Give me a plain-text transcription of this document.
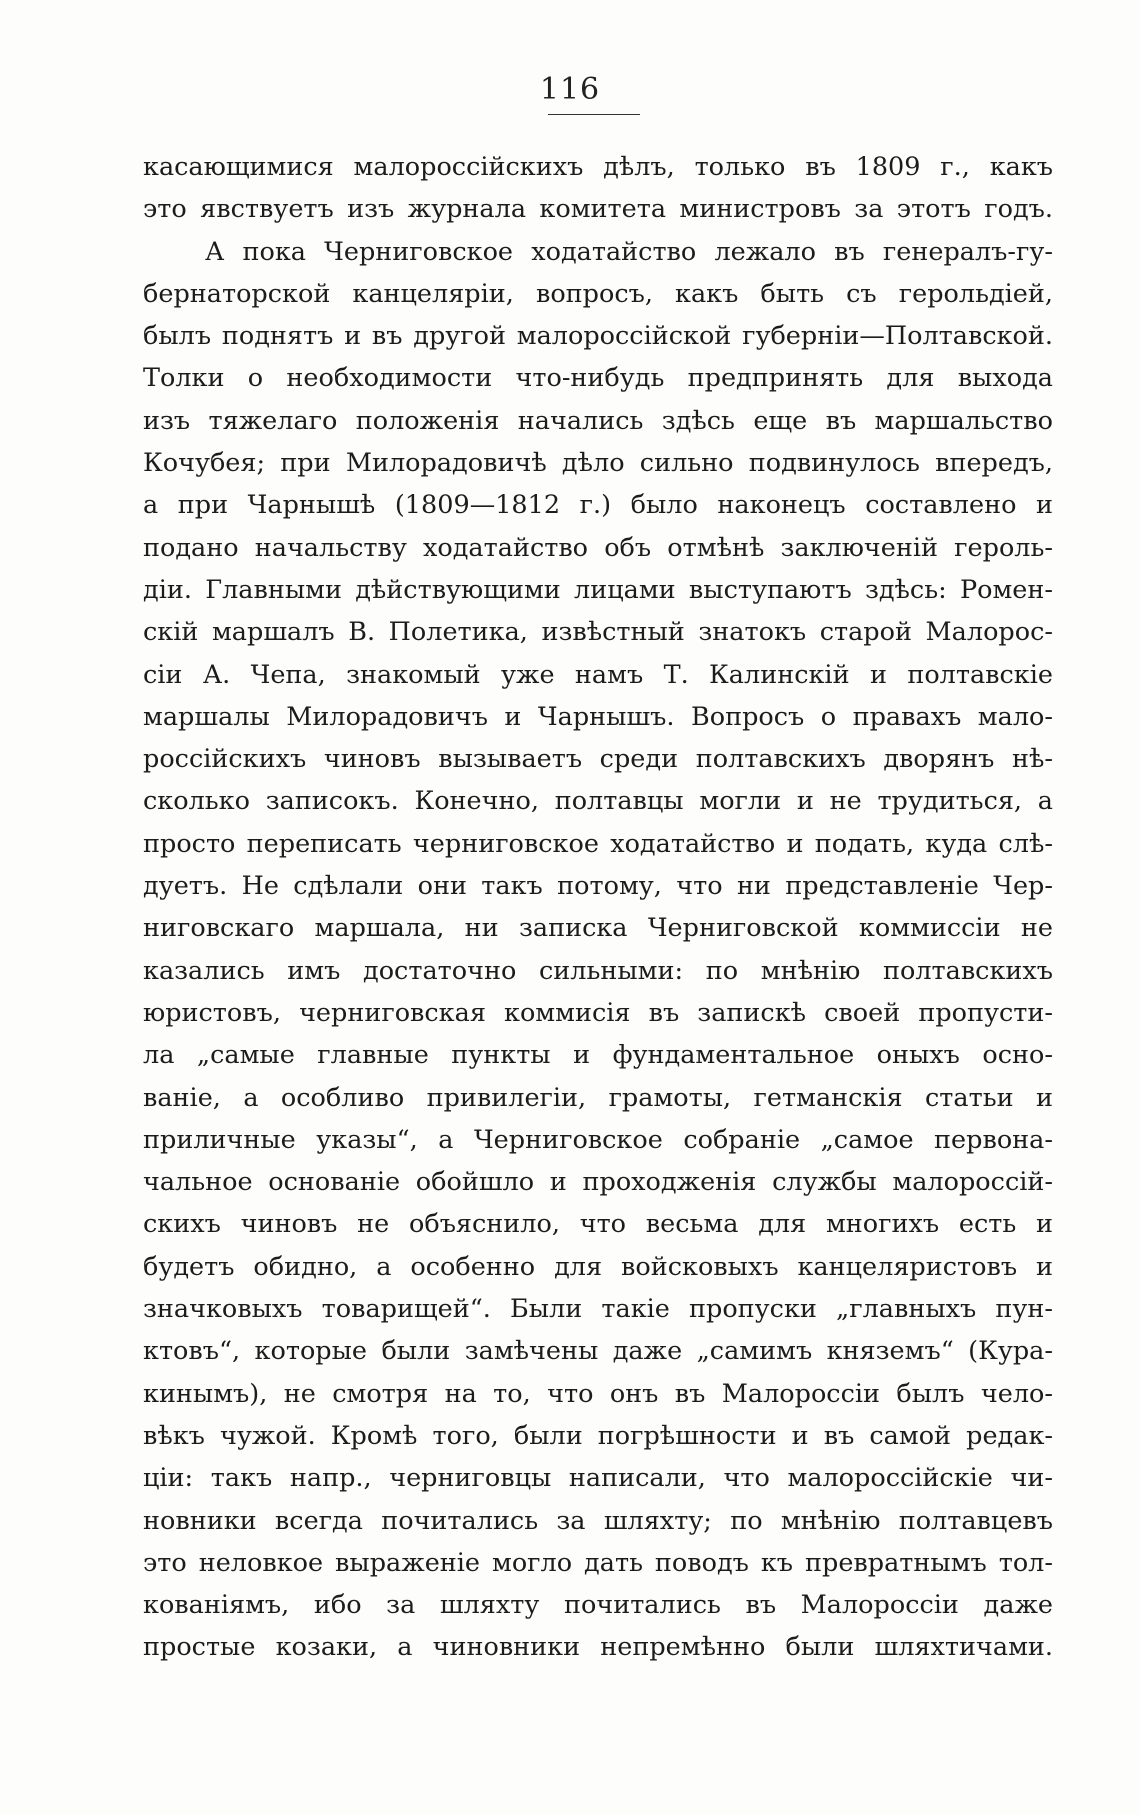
116
касающимися малороссійскихъ дѣлъ, только въ 1809 г., какъ
это явствуетъ изъ журнала комитета министровъ за этотъ годъ.
А пока Черниговское ходатайство лежало въ генералъ-гу-
бернаторской канцеляріи, вопросъ, какъ быть съ герольдіей,
былъ поднятъ и въ другой малороссійской губерніи—Полтавской.
Толки о необходимости что-нибудь предпринять для выхода
изъ тяжелаго положенія начались здѣсь еще въ маршальство
Кочубея; при Милорадовичѣ дѣло сильно подвинулось впередъ,
а при Чарнышѣ (1809—1812 г.) было наконецъ составлено и
подано начальству ходатайство объ отмѣнѣ заключеній героль-
діи. Главными дѣйствующими лицами выступаютъ здѣсь: Ромен-
скій маршалъ В. Полетика, извѣстный знатокъ старой Малорос-
сіи А. Чепа, знакомый уже намъ Т. Калинскій и полтавскіе
маршалы Милорадовичъ и Чарнышъ. Вопросъ о правахъ мало-
россійскихъ чиновъ вызываетъ среди полтавскихъ дворянъ нѣ-
сколько записокъ. Конечно, полтавцы могли и не трудиться, а
просто переписать черниговское ходатайство и подать, куда слѣ-
дуетъ. Не сдѣлали они такъ потому, что ни представленіе Чер-
ниговскаго маршала, ни записка Черниговской коммиссіи не
казались имъ достаточно сильными: по мнѣнію полтавскихъ
юристовъ, черниговская коммисія въ запискѣ своей пропусти-
ла „самые главные пункты и фундаментальное оныхъ осно-
ваніе, а особливо привилегіи, грамоты, гетманскія статьи и
приличные указы“, а Черниговское собраніе „самое первона-
чальное основаніе обойшло и проходженія службы малороссій-
скихъ чиновъ не объяснило, что весьма для многихъ есть и
будетъ обидно, а особенно для войсковыхъ канцеляристовъ и
значковыхъ товарищей“. Были такіе пропуски „главныхъ пун-
ктовъ“, которые были замѣчены даже „самимъ княземъ“ (Кура-
кинымъ), не смотря на то, что онъ въ Малороссіи былъ чело-
вѣкъ чужой. Кромѣ того, были погрѣшности и въ самой редак-
ціи: такъ напр., черниговцы написали, что малороссійскіе чи-
новники всегда почитались за шляхту; по мнѣнію полтавцевъ
это неловкое выраженіе могло дать поводъ къ превратнымъ тол-
кованіямъ, ибо за шляхту почитались въ Малороссіи даже
простые козаки, а чиновники непремѣнно были шляхтичами.
